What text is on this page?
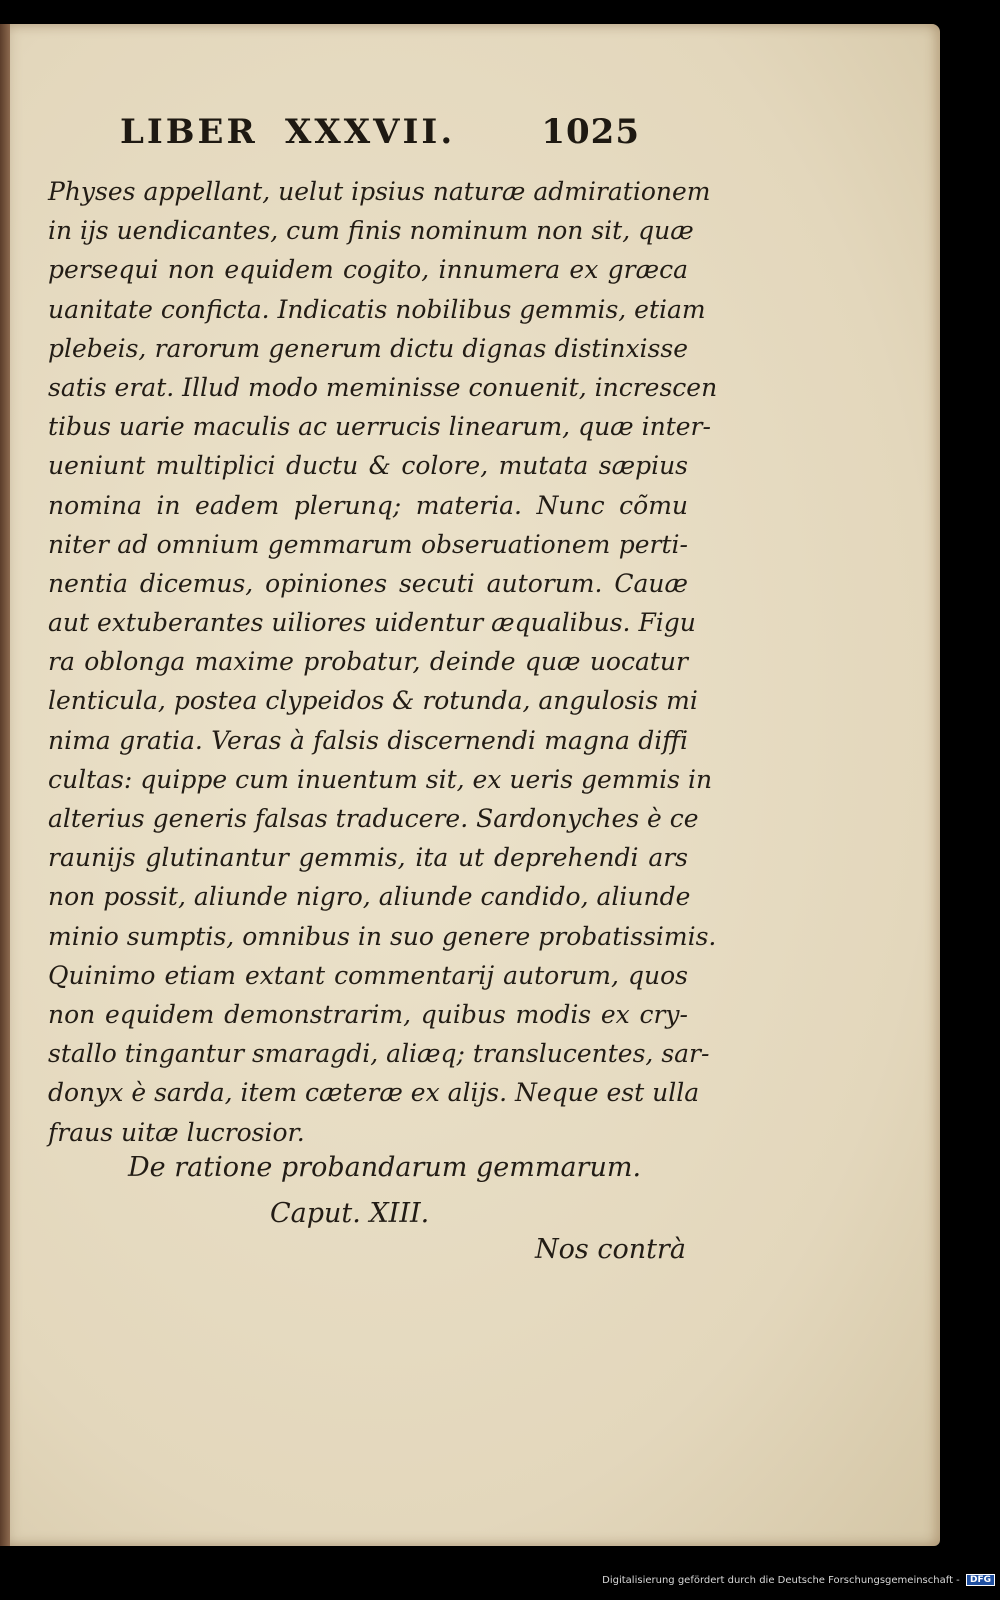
LIBER XXXVII.	1025
Physes appellant, uelut ipsius naturæ admirationem
in ijs uendicantes, cum finis nominum non sit, quæ
persequi non equidem cogito, innumera ex græca
uanitate conficta. Indicatis nobilibus gemmis, etiam
plebeis, rarorum generum dictu dignas distinxisse
satis erat. Illud modo meminisse conuenit, increscen
tibus uarie maculis ac uerrucis linearum, quæ inter-
ueniunt multiplici ductu & colore, mutata sæpius
nomina in eadem plerunq; materia. Nunc cõmu
niter ad omnium gemmarum obseruationem perti-
nentia dicemus, opiniones secuti autorum. Cauæ
aut extuberantes uiliores uidentur æqualibus. Figu
ra oblonga maxime probatur, deinde quæ uocatur
lenticula, postea clypeidos & rotunda, angulosis mi
nima gratia. Veras à falsis discernendi magna diffi
cultas: quippe cum inuentum sit, ex ueris gemmis in
alterius generis falsas traducere. Sardonyches è ce
raunijs glutinantur gemmis, ita ut deprehendi ars
non possit, aliunde nigro, aliunde candido, aliunde
minio sumptis, omnibus in suo genere probatissimis.
Quinimo etiam extant commentarij autorum, quos
non equidem demonstrarim, quibus modis ex cry-
stallo tingantur smaragdi, aliæq; translucentes, sar-
donyx è sarda, item cæteræ ex alijs. Neque est ulla
fraus uitæ lucrosior.
De ratione probandarum gemmarum.
Caput. XIII.
Nos contrà
Digitalisierung gefördert durch die Deutsche Forschungsgemeinschaft - DFG
